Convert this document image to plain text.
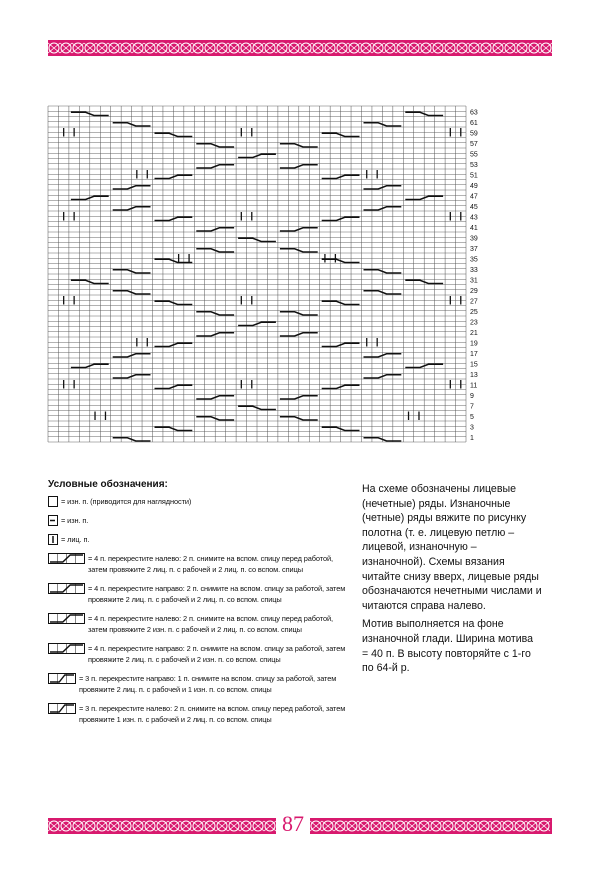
87
63
61
59
57
55
53
51
49
47
45
43
41
39
37
35
33
31
29
27
25
23
21
19
17
15
13
11
9
7
5
3
1
Условные обозначения:
= изн. п. (приводится для наглядности)
= изн. п.
= лиц. п.
= 4 п. перекрестите налево: 2 п. снимите на вспом. спицу перед работой, затем провяжите 2 лиц. п. с рабочей и 2 лиц. п. со вспом. спицы
= 4 п. перекрестите направо: 2 п. снимите на вспом. спицу за работой, затем провяжите 2 лиц. п. с рабочей и 2 лиц. п. со вспом. спицы
= 4 п. перекрестите налево: 2 п. снимите на вспом. спицу перед работой, затем провяжите 2 изн. п. с рабочей и 2 лиц. п. со вспом. спицы
= 4 п. перекрестите направо: 2 п. снимите на вспом. спицу за работой, затем провяжите 2 лиц. п. с рабочей и 2 изн. п. со вспом. спицы
= 3 п. перекрестите направо: 1 п. снимите на вспом. спицу за работой, затем провяжите 2 лиц. п. с рабочей и 1 изн. п. со вспом. спицы
= 3 п. перекрестите налево: 2 п. снимите на вспом. спицу перед работой, затем провяжите 1 изн. п. с рабочей и 2 лиц. п. со вспом. спицы

На схеме обозначены лицевые (нечетные) ряды. Изнаночные (четные) ряды вяжите по рисунку полотна (т. е. лицевую петлю – лицевой, изнаночную – изнаночной). Схемы вязания читайте снизу вверх, лицевые ряды обозначаются нечетными числами и читаются справа налево.

Мотив выполняется на фоне изнаночной глади. Ширина мотива = 40 п. В высоту повторяйте с 1-го по 64-й р.
